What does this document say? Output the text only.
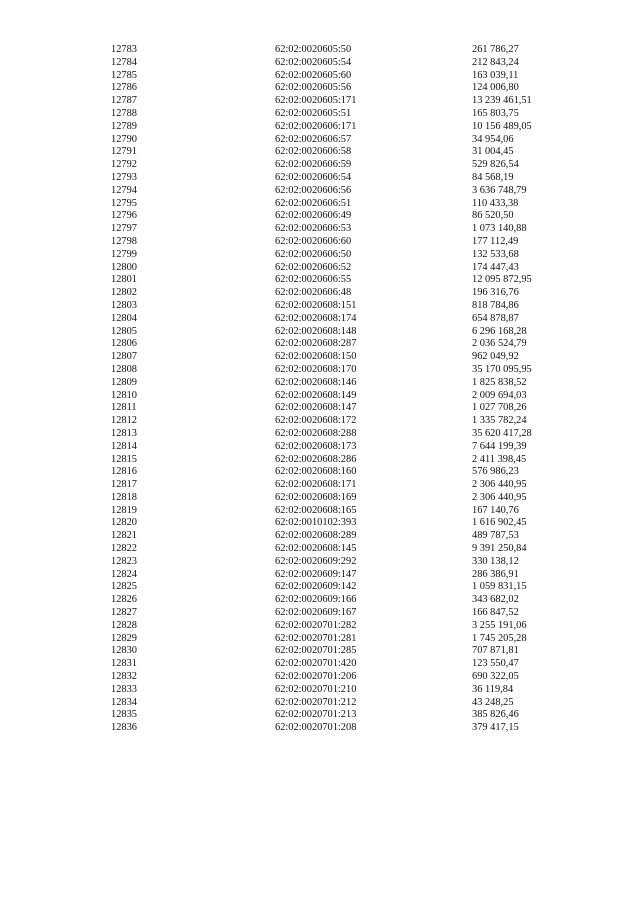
12783	62:02:0020605:50	261 786,27
12784	62:02:0020605:54	212 843,24
12785	62:02:0020605:60	163 039,11
12786	62:02:0020605:56	124 006,80
12787	62:02:0020605:171	13 239 461,51
12788	62:02:0020605:51	165 803,75
12789	62:02:0020606:171	10 156 489,05
12790	62:02:0020606:57	34 954,06
12791	62:02:0020606:58	31 004,45
12792	62:02:0020606:59	529 826,54
12793	62:02:0020606:54	84 568,19
12794	62:02:0020606:56	3 636 748,79
12795	62:02:0020606:51	110 433,38
12796	62:02:0020606:49	86 520,50
12797	62:02:0020606:53	1 073 140,88
12798	62:02:0020606:60	177 112,49
12799	62:02:0020606:50	132 533,68
12800	62:02:0020606:52	174 447,43
12801	62:02:0020606:55	12 095 872,95
12802	62:02:0020606:48	196 316,76
12803	62:02:0020608:151	818 784,86
12804	62:02:0020608:174	654 878,87
12805	62:02:0020608:148	6 296 168,28
12806	62:02:0020608:287	2 036 524,79
12807	62:02:0020608:150	962 049,92
12808	62:02:0020608:170	35 170 095,95
12809	62:02:0020608:146	1 825 838,52
12810	62:02:0020608:149	2 009 694,03
12811	62:02:0020608:147	1 027 708,26
12812	62:02:0020608:172	1 335 782,24
12813	62:02:0020608:288	35 620 417,28
12814	62:02:0020608:173	7 644 199,39
12815	62:02:0020608:286	2 411 398,45
12816	62:02:0020608:160	576 986,23
12817	62:02:0020608:171	2 306 440,95
12818	62:02:0020608:169	2 306 440,95
12819	62:02:0020608:165	167 140,76
12820	62:02:0010102:393	1 616 902,45
12821	62:02:0020608:289	489 787,53
12822	62:02:0020608:145	9 391 250,84
12823	62:02:0020609:292	330 138,12
12824	62:02:0020609:147	286 386,91
12825	62:02:0020609:142	1 059 831,15
12826	62:02:0020609:166	343 682,02
12827	62:02:0020609:167	166 847,52
12828	62:02:0020701:282	3 255 191,06
12829	62:02:0020701:281	1 745 205,28
12830	62:02:0020701:285	707 871,81
12831	62:02:0020701:420	123 550,47
12832	62:02:0020701:206	690 322,05
12833	62:02:0020701:210	36 119,84
12834	62:02:0020701:212	43 248,25
12835	62:02:0020701:213	385 826,46
12836	62:02:0020701:208	379 417,15
